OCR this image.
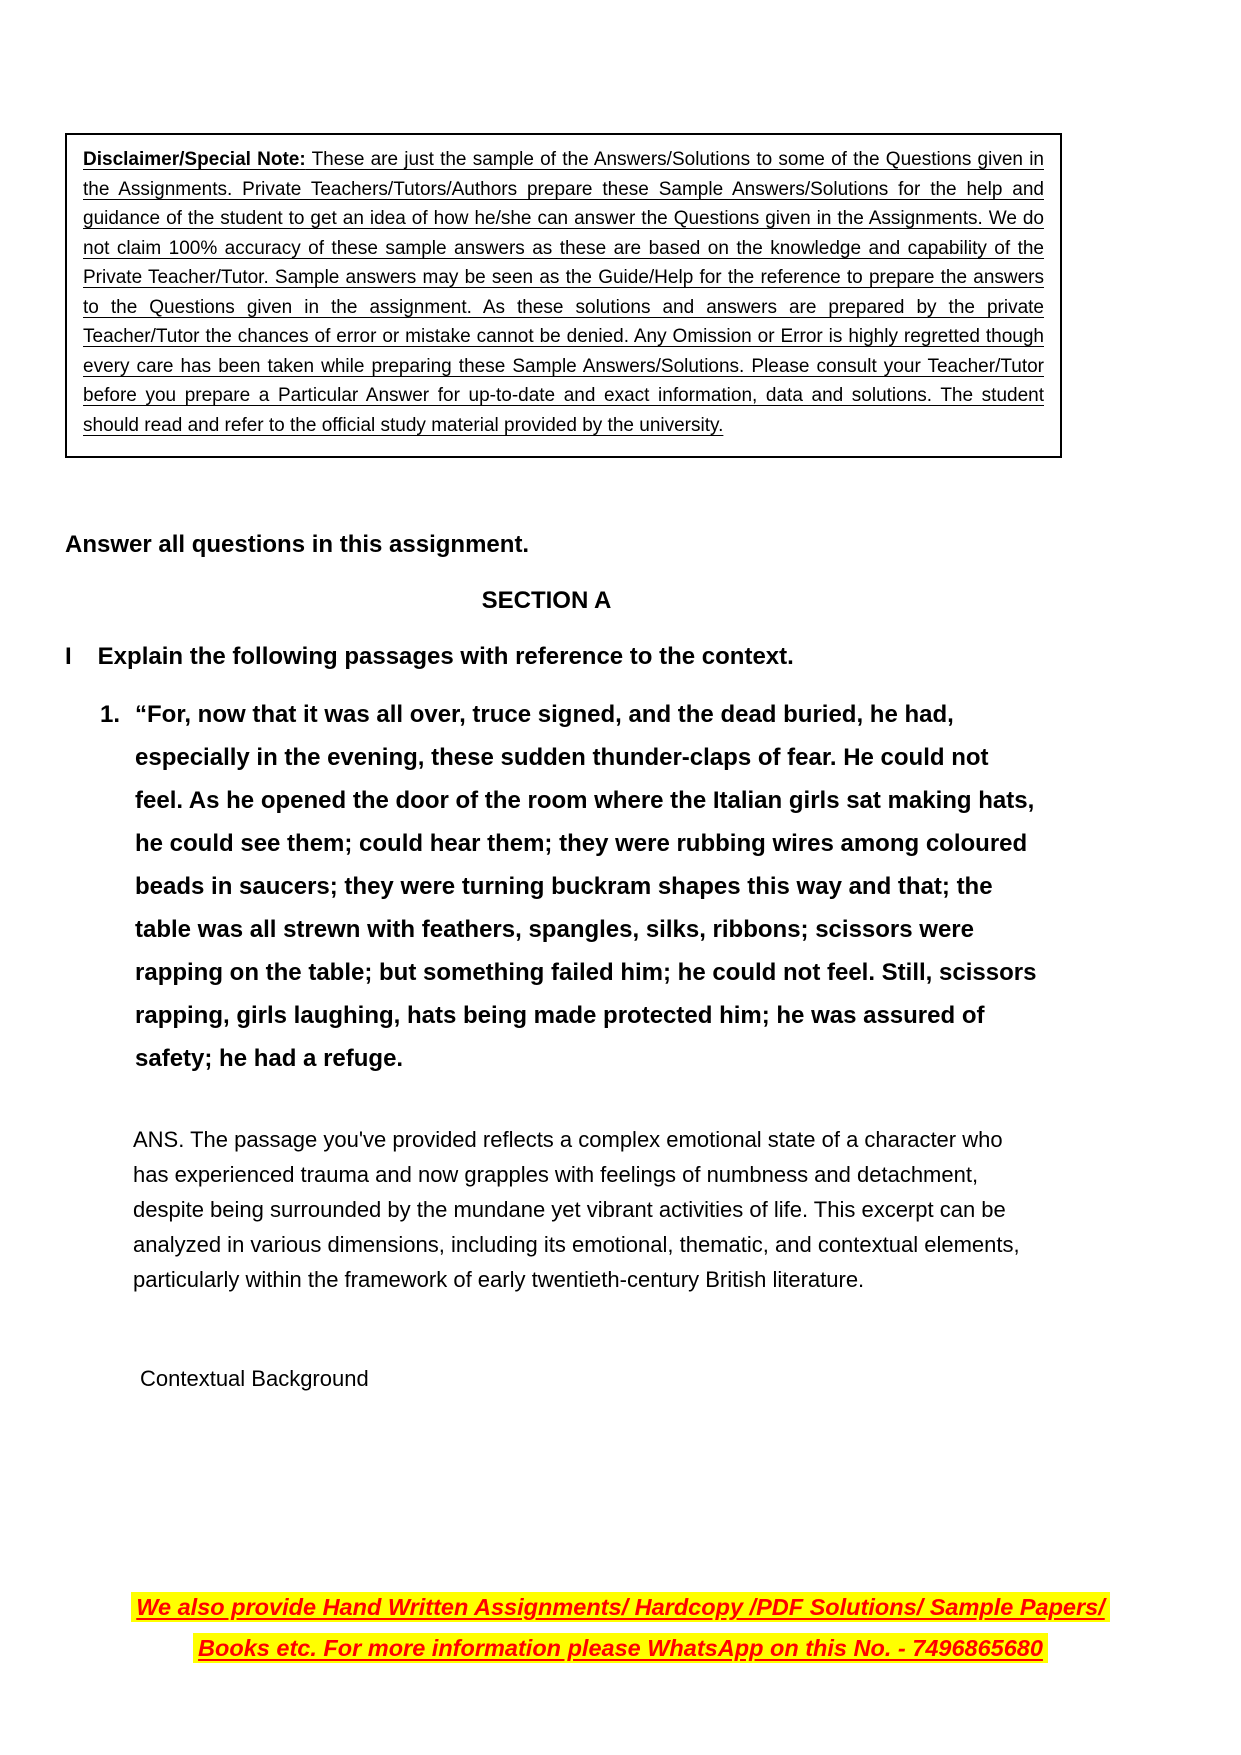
Disclaimer/Special Note: These are just the sample of the Answers/Solutions to some of the Questions given in the Assignments. Private Teachers/Tutors/Authors prepare these Sample Answers/Solutions for the help and guidance of the student to get an idea of how he/she can answer the Questions given in the Assignments. We do not claim 100% accuracy of these sample answers as these are based on the knowledge and capability of the Private Teacher/Tutor. Sample answers may be seen as the Guide/Help for the reference to prepare the answers to the Questions given in the assignment. As these solutions and answers are prepared by the private Teacher/Tutor the chances of error or mistake cannot be denied. Any Omission or Error is highly regretted though every care has been taken while preparing these Sample Answers/Solutions. Please consult your Teacher/Tutor before you prepare a Particular Answer for up-to-date and exact information, data and solutions. The student should read and refer to the official study material provided by the university.

Answer all questions in this assignment.
SECTION A
I Explain the following passages with reference to the context.
1. “For, now that it was all over, truce signed, and the dead buried, he had, especially in the evening, these sudden thunder-claps of fear. He could not feel. As he opened the door of the room where the Italian girls sat making hats, he could see them; could hear them; they were rubbing wires among coloured beads in saucers; they were turning buckram shapes this way and that; the table was all strewn with feathers, spangles, silks, ribbons; scissors were rapping on the table; but something failed him; he could not feel. Still, scissors rapping, girls laughing, hats being made protected him; he was assured of safety; he had a refuge.
ANS. The passage you've provided reflects a complex emotional state of a character who has experienced trauma and now grapples with feelings of numbness and detachment, despite being surrounded by the mundane yet vibrant activities of life. This excerpt can be analyzed in various dimensions, including its emotional, thematic, and contextual elements, particularly within the framework of early twentieth-century British literature.
Contextual Background
We also provide Hand Written Assignments/ Hardcopy /PDF Solutions/ Sample Papers/
Books etc. For more information please WhatsApp on this No. - 7496865680
